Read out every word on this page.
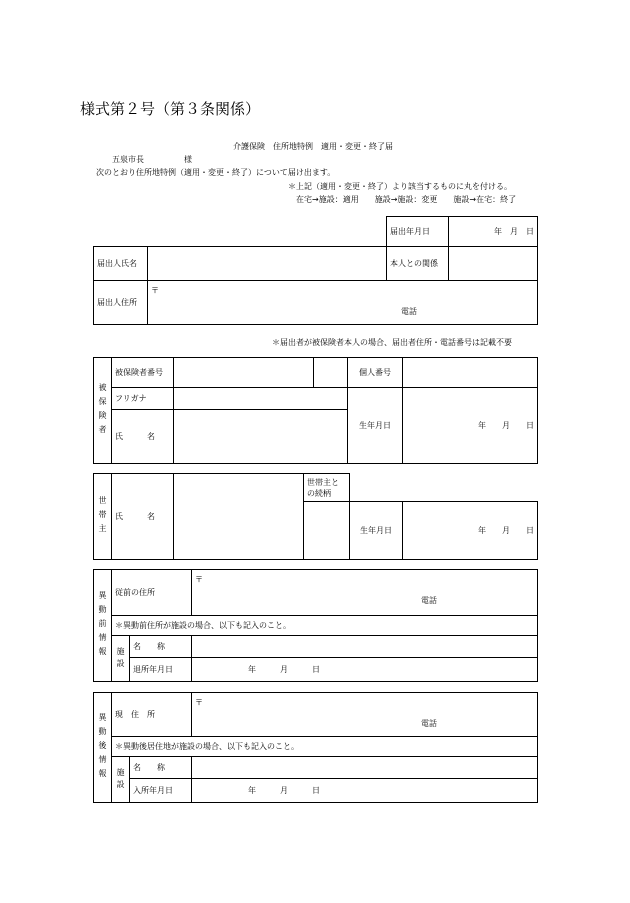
様式第２号（第３条関係）
介護保険　住所地特例　適用・変更・終了届
五泉市長　　　　　様
次のとおり住所地特例（適用・変更・終了）について届け出ます。
＊上記（適用・変更・終了）より該当するものに丸を付ける。
在宅→施設：適用　　施設→施設：変更　　施設→在宅：終了
		届出年月日	年　月　日
届出人氏名		本人との関係	
届出人住所	〒
電話		
＊届出者が被保険者本人の場合、届出者住所・電話番号は記載不要
被保険者	被保険者番号			個人番号	

	フリガナ			生年月日	年　　月　　日
	氏　　　名				
世帯主	氏　　　名		世帯主との続柄		
				生年月日	年　　月　　日
異動前情報	従前の住所		〒
電話

	＊異動前住所が施設の場合、以下も記入のこと。		
	施設	名　　称	
		退所年月日	年　　　月　　　日
異動後情報	現　住　所		〒
電話

	＊異動後居住地が施設の場合、以下も記入のこと。		
	施設	名　　称	
		入所年月日	年　　　月　　　日
